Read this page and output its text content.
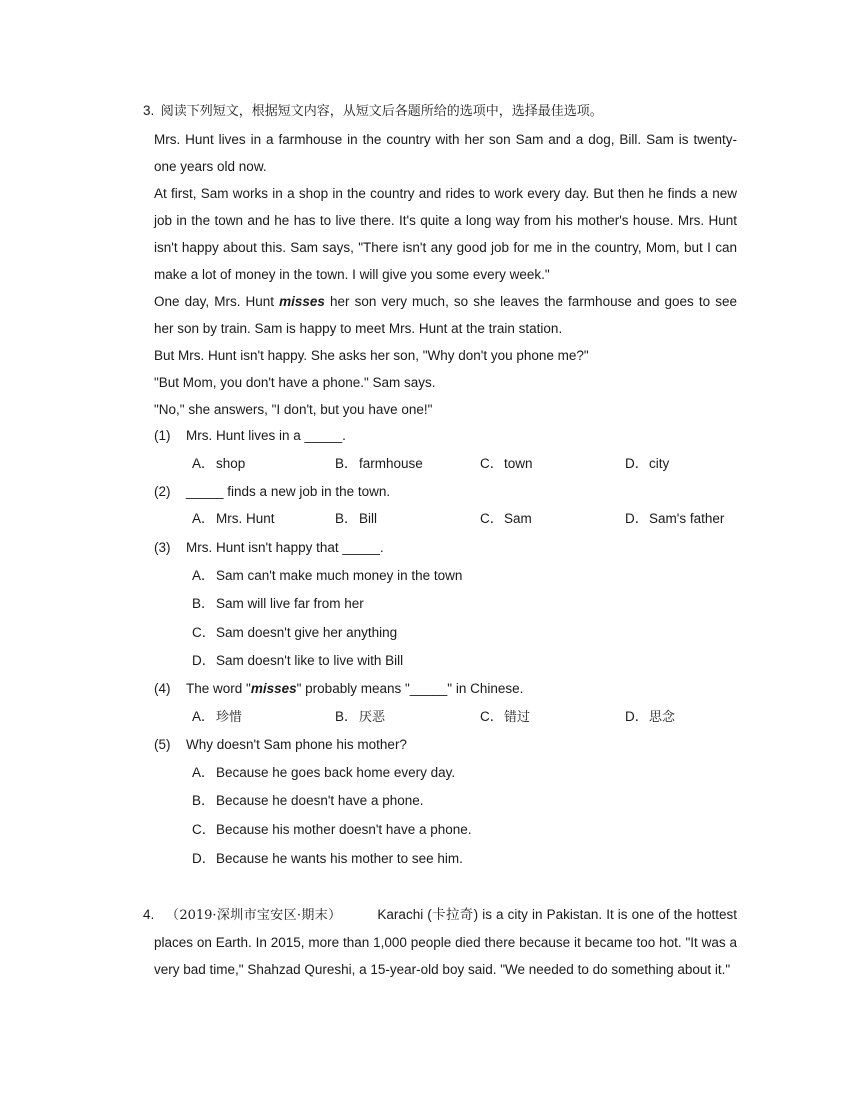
3. 阅读下列短文，根据短文内容，从短文后各题所给的选项中，选择最佳选项。
Mrs. Hunt lives in a farmhouse in the country with her son Sam and a dog, Bill. Sam is twenty-one years old now.
At first, Sam works in a shop in the country and rides to work every day. But then he finds a new job in the town and he has to live there. It's quite a long way from his mother's house. Mrs. Hunt isn't happy about this. Sam says, "There isn't any good job for me in the country, Mom, but I can make a lot of money in the town. I will give you some every week."
One day, Mrs. Hunt misses her son very much, so she leaves the farmhouse and goes to see her son by train. Sam is happy to meet Mrs. Hunt at the train station.
But Mrs. Hunt isn't happy. She asks her son, "Why don't you phone me?"
"But Mom, you don't have a phone." Sam says.
"No," she answers, "I don't, but you have one!"
(1) Mrs. Hunt lives in a _____.
A．shop	B．farmhouse	C．town	D．city
(2) _____ finds a new job in the town.
A．Mrs. Hunt	B．Bill	C．Sam	D．Sam's father
(3) Mrs. Hunt isn't happy that _____.
A．Sam can't make much money in the town
B．Sam will live far from her
C．Sam doesn't give her anything
D．Sam doesn't like to live with Bill
(4) The word "misses" probably means "_____" in Chinese.
A．珍惜	B．厌恶	C．错过	D．思念
(5) Why doesn't Sam phone his mother?
A．Because he goes back home every day.
B．Because he doesn't have a phone.
C．Because his mother doesn't have a phone.
D．Because he wants his mother to see him.
4. （2019·深圳市宝安区·期末）	Karachi (卡拉奇) is a city in Pakistan. It is one of the hottest places on Earth. In 2015, more than 1,000 people died there because it became too hot. "It was a very bad time," Shahzad Qureshi, a 15-year-old boy said. "We needed to do something about it."
